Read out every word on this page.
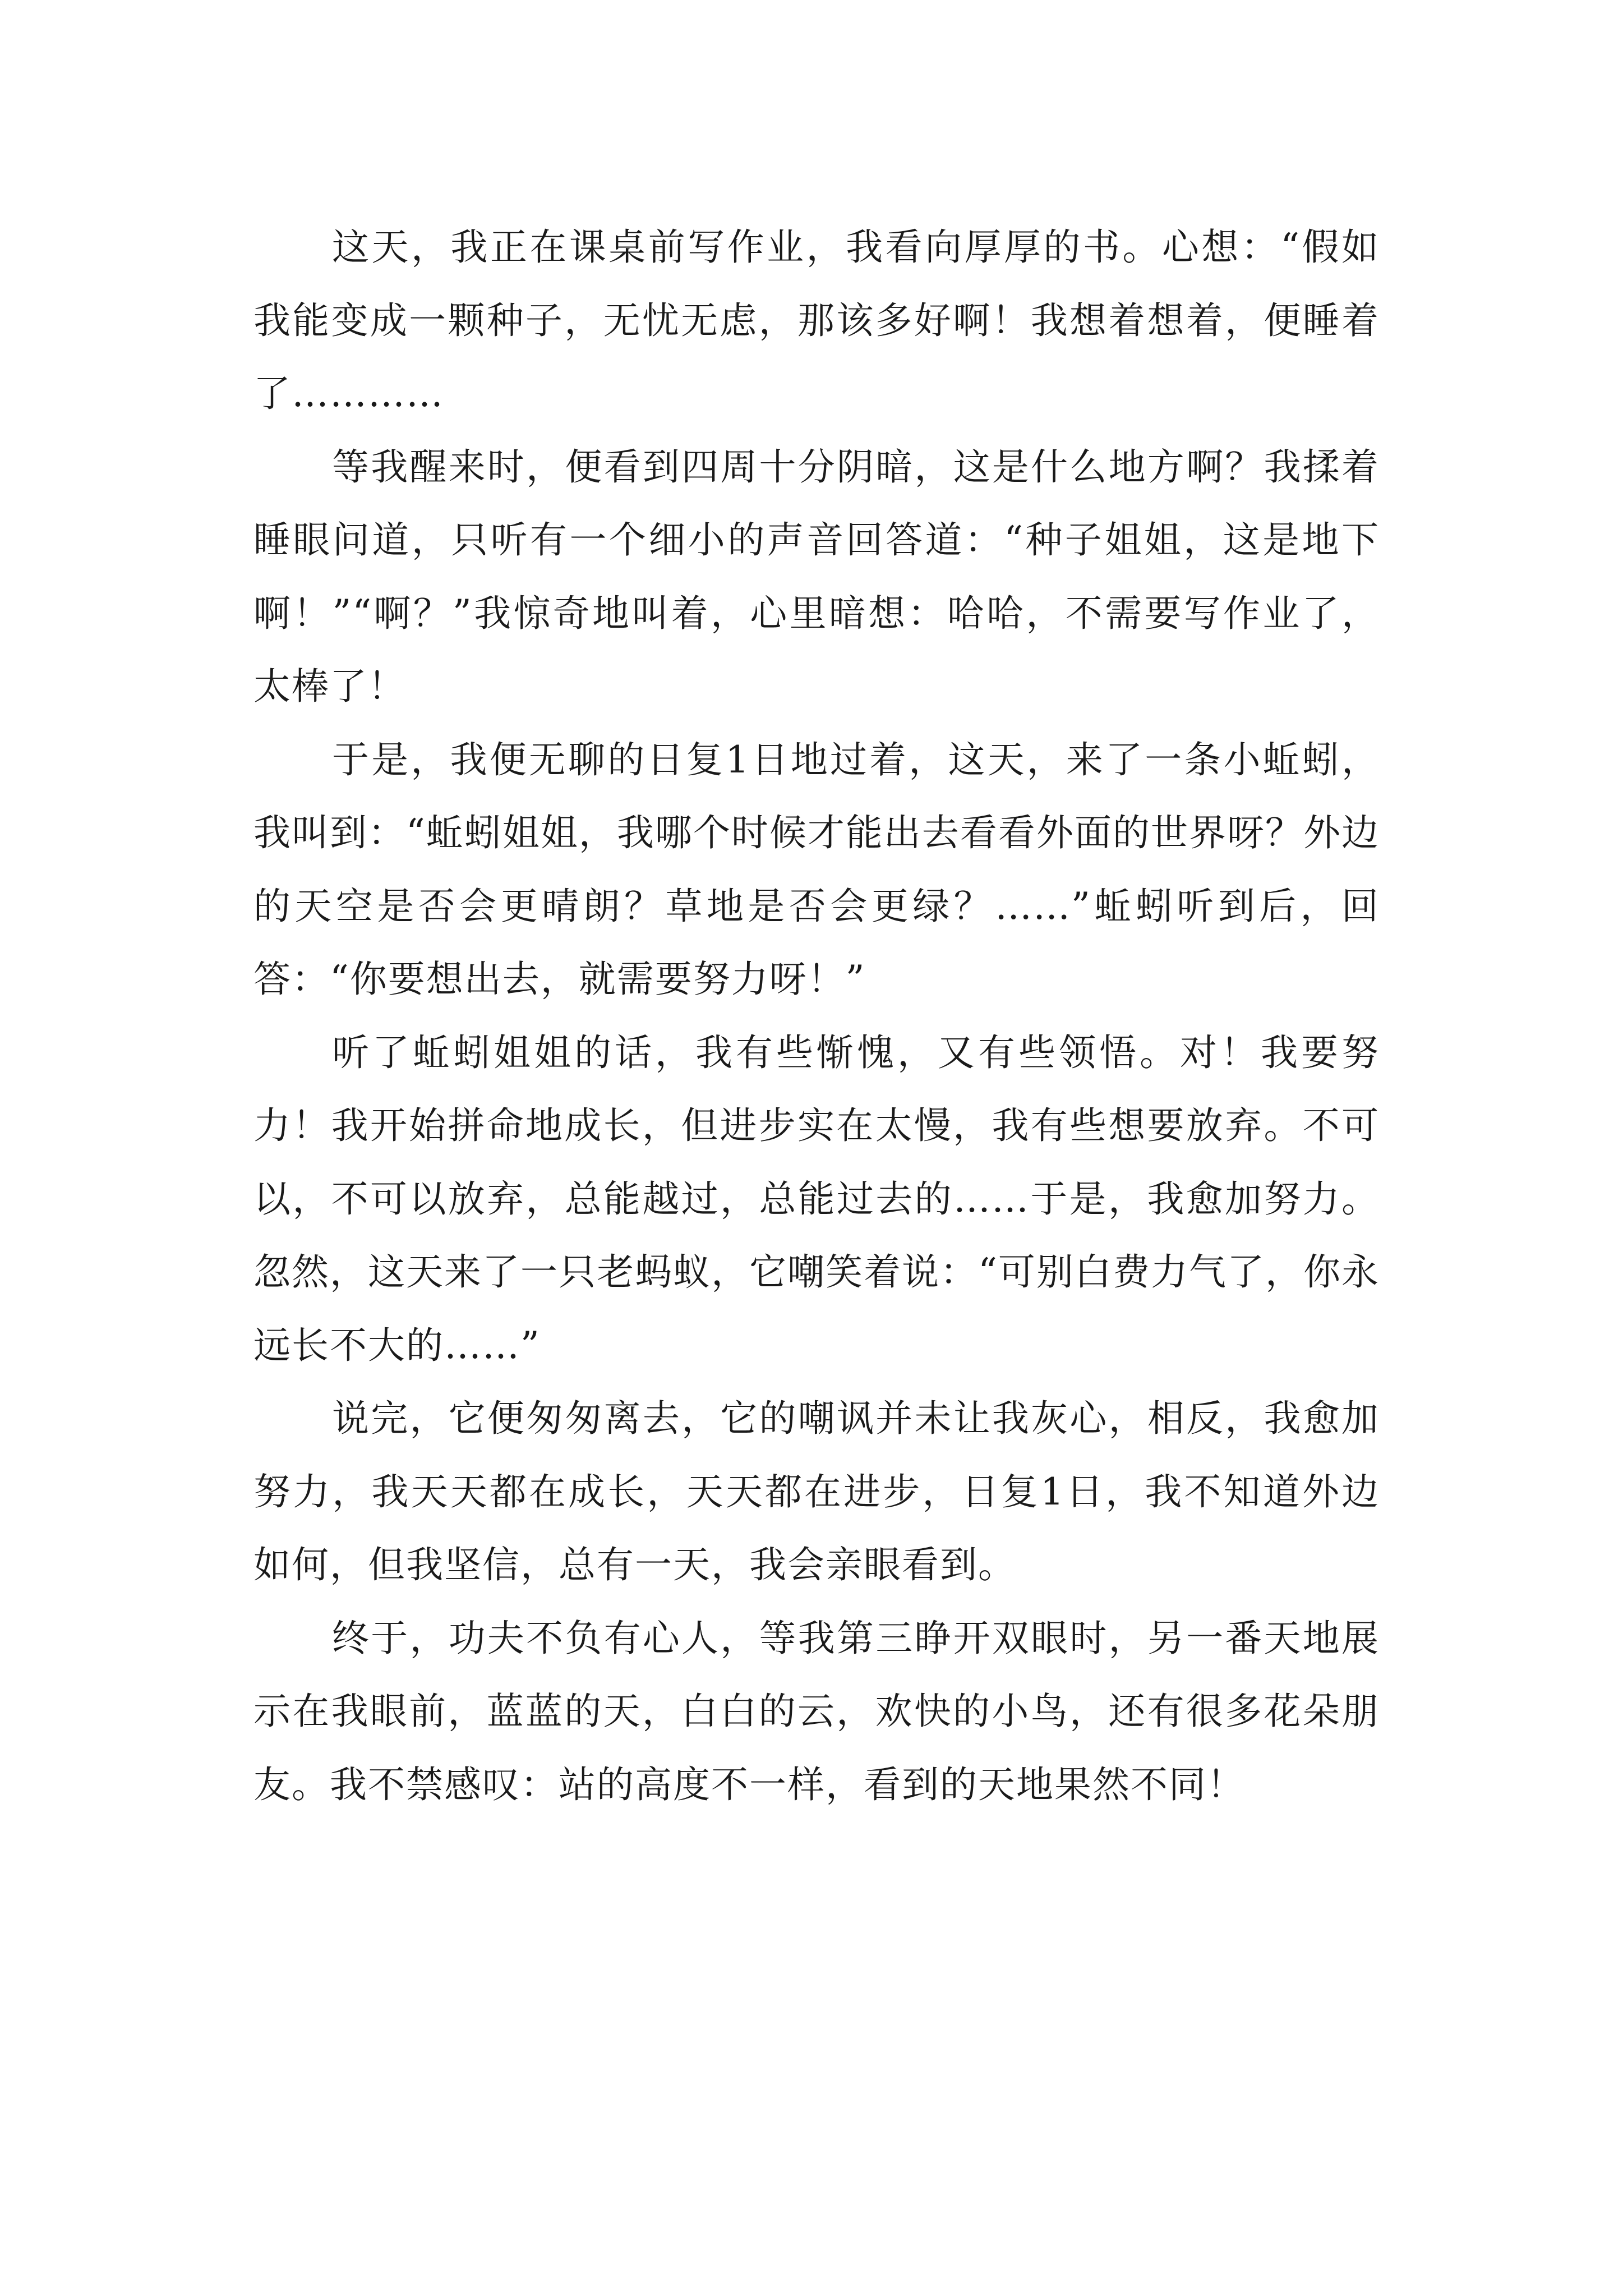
这天，我正在课桌前写作业，我看向厚厚的书。心想：“假如我能变成一颗种子，无忧无虑，那该多好啊！我想着想着，便睡着了…………

等我醒来时，便看到四周十分阴暗，这是什么地方啊？我揉着睡眼问道，只听有一个细小的声音回答道：“种子姐姐，这是地下啊！”“啊？”我惊奇地叫着，心里暗想：哈哈，不需要写作业了，太棒了！

于是，我便无聊的日复1日地过着，这天，来了一条小蚯蚓，我叫到：“蚯蚓姐姐，我哪个时候才能出去看看外面的世界呀？外边的天空是否会更晴朗？草地是否会更绿？……”蚯蚓听到后，回答：“你要想出去，就需要努力呀！”

听了蚯蚓姐姐的话，我有些惭愧，又有些领悟。对！我要努力！我开始拼命地成长，但进步实在太慢，我有些想要放弃。不可以，不可以放弃，总能越过，总能过去的……于是，我愈加努力。忽然，这天来了一只老蚂蚁，它嘲笑着说：“可别白费力气了，你永远长不大的……”

说完，它便匆匆离去，它的嘲讽并未让我灰心，相反，我愈加努力，我天天都在成长，天天都在进步，日复1日，我不知道外边如何，但我坚信，总有一天，我会亲眼看到。

终于，功夫不负有心人，等我第三睁开双眼时，另一番天地展示在我眼前，蓝蓝的天，白白的云，欢快的小鸟，还有很多花朵朋友。我不禁感叹：站的高度不一样，看到的天地果然不同！
